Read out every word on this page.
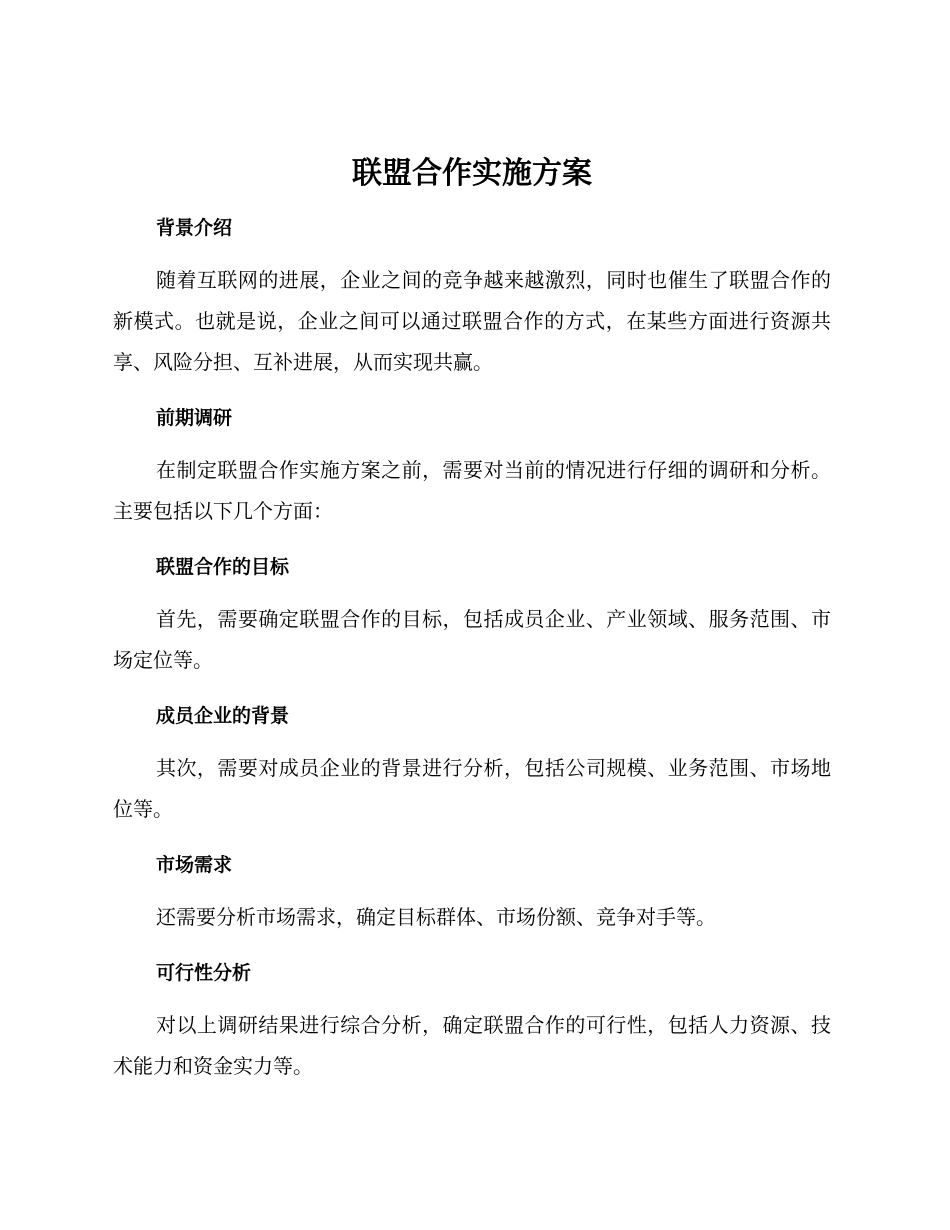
联盟合作实施方案
背景介绍

随着互联网的进展，企业之间的竞争越来越激烈，同时也催生了联盟合作的新模式。也就是说，企业之间可以通过联盟合作的方式，在某些方面进行资源共享、风险分担、互补进展，从而实现共赢。

前期调研

在制定联盟合作实施方案之前，需要对当前的情况进行仔细的调研和分析。主要包括以下几个方面：

联盟合作的目标

首先，需要确定联盟合作的目标，包括成员企业、产业领域、服务范围、市场定位等。

成员企业的背景

其次，需要对成员企业的背景进行分析，包括公司规模、业务范围、市场地位等。

市场需求

还需要分析市场需求，确定目标群体、市场份额、竞争对手等。

可行性分析

对以上调研结果进行综合分析，确定联盟合作的可行性，包括人力资源、技术能力和资金实力等。
